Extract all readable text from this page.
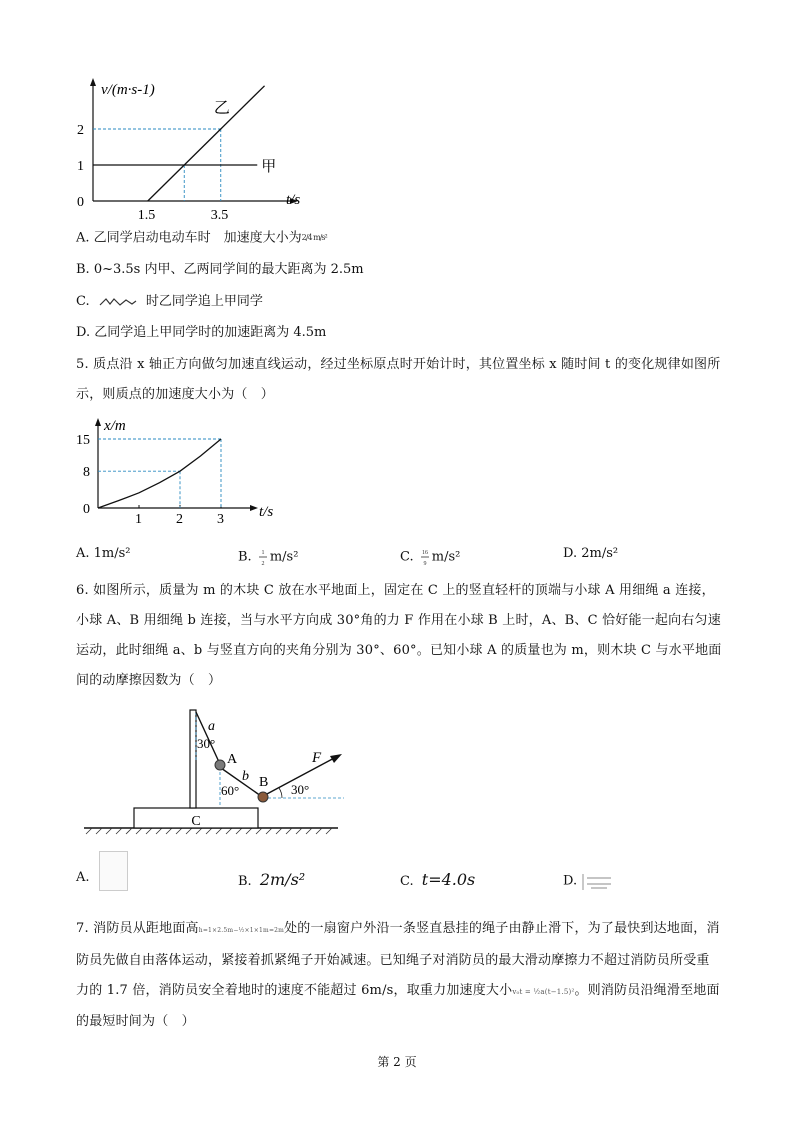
v/(m·s-1)
t/s
0
2
1
1.5	3.5
乙
甲
A. 乙同学启动电动车时　加速度大小为2/4 m/s²
B. 0~3.5s 内甲、乙两同学间的最大距离为 2.5m
C.	时乙同学追上甲同学
D. 乙同学追上甲同学时的加速距离为 4.5m
5. 质点沿 x 轴正方向做匀加速直线运动，经过坐标原点时开始计时，其位置坐标 x 随时间 t 的变化规律如图所示，则质点的加速度大小为（　）
x/m
t/s
0
15
8
1 2 3
A. 1m/s²	B. 1
2 m/s²	C. 16
9 m/s²	D. 2m/s²
6. 如图所示，质量为 m 的木块 C 放在水平地面上，固定在 C 上的竖直轻杆的顶端与小球 A 用细绳 a 连接，小球 A、B 用细绳 b 连接，当与水平方向成 30°角的力 F 作用在小球 B 上时，A、B、C 恰好能一起向右匀速运动，此时细绳 a、b 与竖直方向的夹角分别为 30°、60°。已知小球 A 的质量也为 m，则木块 C 与水平地面间的动摩擦因数为（　）
C
a
30°
A
b
60°
B
F
30°
A.	B. 2m/s²	C. t=4.0s	D.
7. 消防员从距地面高h=1×2.5m−½×1×1m=2m处的一扇窗户外沿一条竖直悬挂的绳子由静止滑下，为了最快到达地面，消防员先做自由落体运动，紧接着抓紧绳子开始减速。已知绳子对消防员的最大滑动摩擦力不超过消防员所受重力的 1.7 倍，消防员安全着地时的速度不能超过 6m/s，取重力加速度大小v₀t = ½a(t−1.5)²。则消防员沿绳滑至地面的最短时间为（　）
第 2 页
